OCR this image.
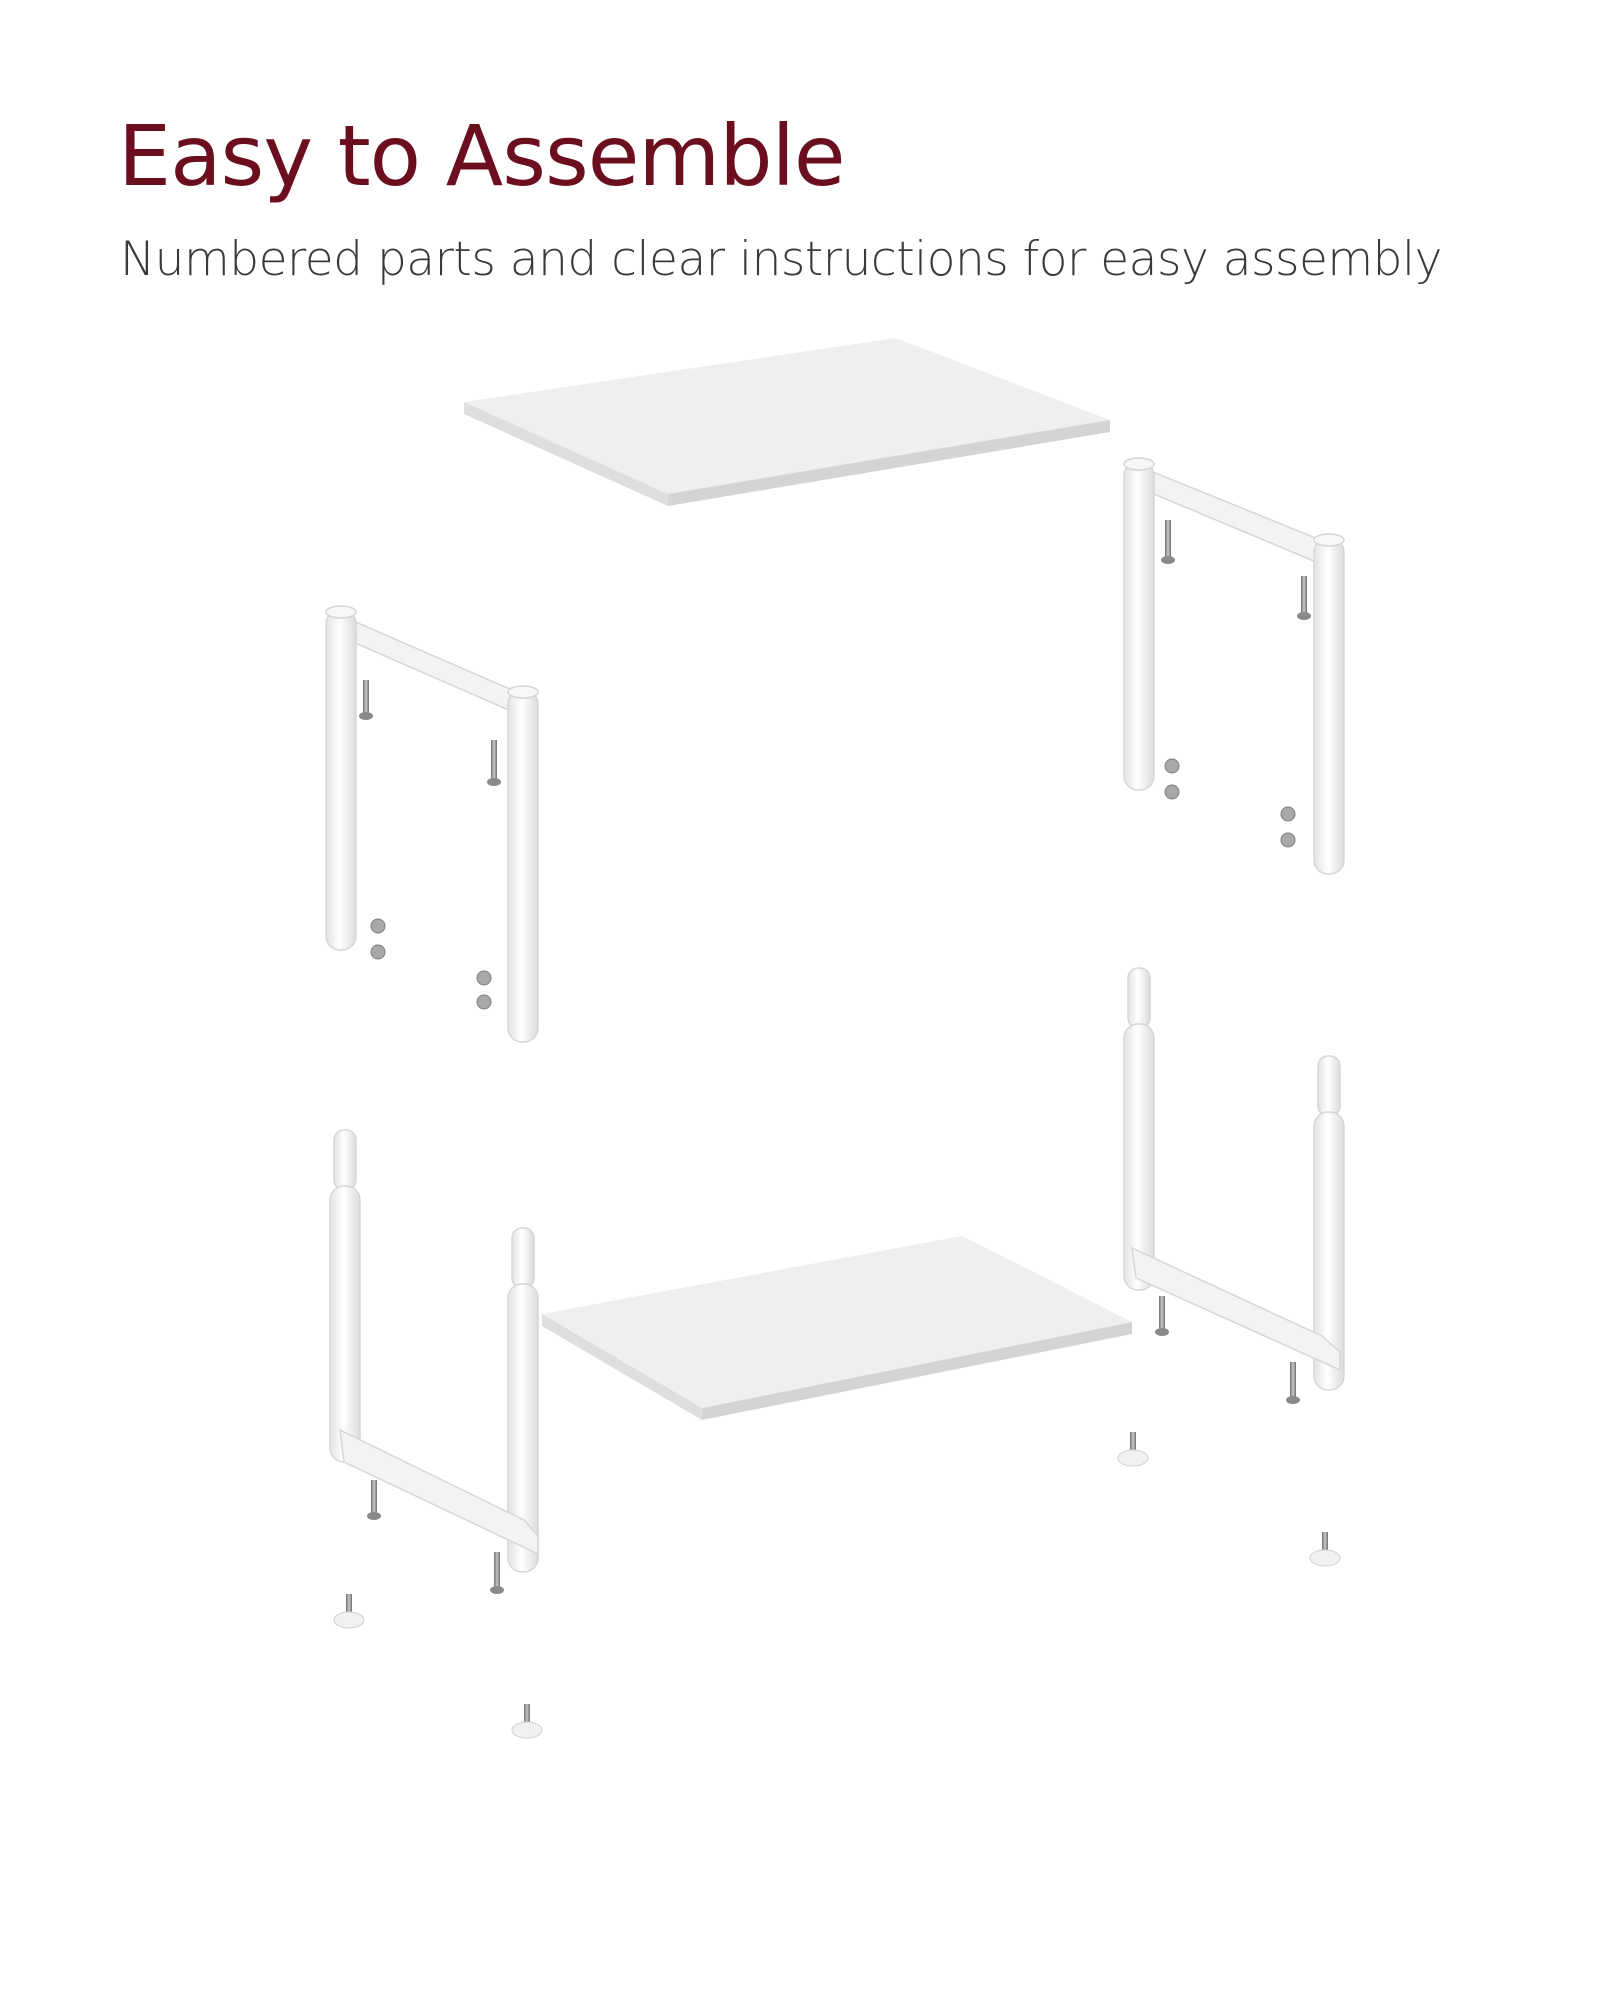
Easy to Assemble

Numbered parts and clear instructions for easy assembly
